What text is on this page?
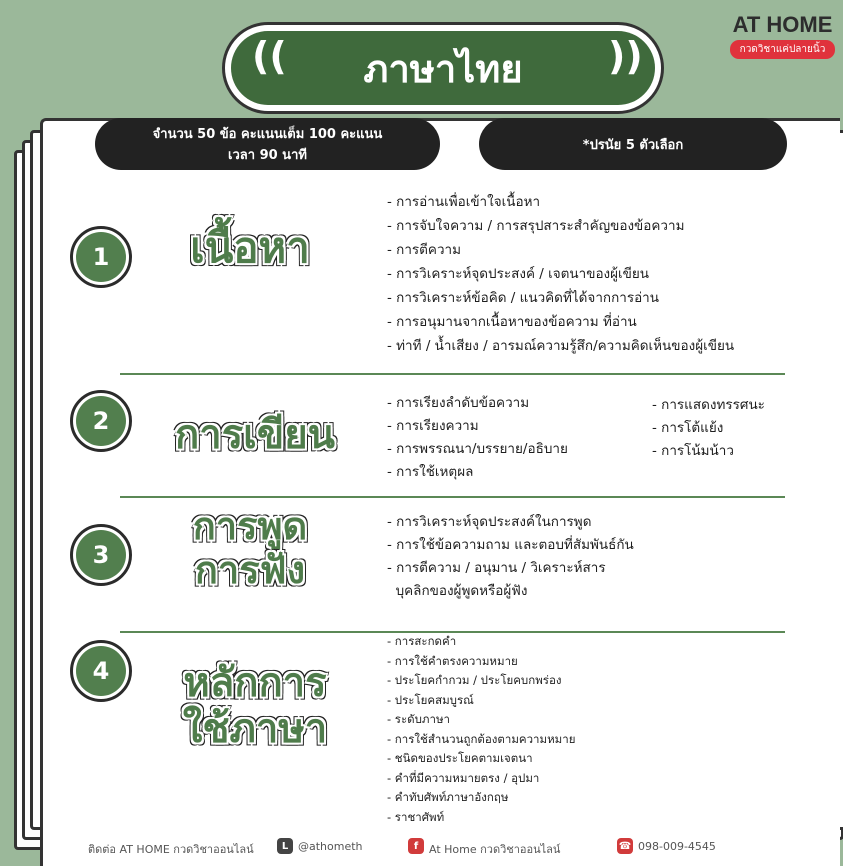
ภาษาไทย
((	))
AT HOME
กวดวิชาแค่ปลายนิ้ว
จำนวน 50 ข้อ คะแนนเต็ม 100 คะแนน
เวลา 90 นาที
*ปรนัย 5 ตัวเลือก
1	เนื้อหา
- การอ่านเพื่อเข้าใจเนื้อหา
- การจับใจความ / การสรุปสาระสำคัญของข้อความ
- การตีความ
- การวิเคราะห์จุดประสงค์ / เจตนาของผู้เขียน
- การวิเคราะห์ข้อคิด / แนวคิดที่ได้จากการอ่าน
- การอนุมานจากเนื้อหาของข้อความ ที่อ่าน
- ท่าที / น้ำเสียง / อารมณ์ความรู้สึก/ความคิดเห็นของผู้เขียน
2	การเขียน
- การเรียงลำดับข้อความ
- การเรียงความ
- การพรรณนา/บรรยาย/อธิบาย
- การใช้เหตุผล
- การแสดงทรรศนะ
- การโต้แย้ง
- การโน้มน้าว
3
การพูด
การฟัง
- การวิเคราะห์จุดประสงค์ในการพูด
- การใช้ข้อความถาม และตอบที่สัมพันธ์กัน
- การตีความ / อนุมาน / วิเคราะห์สาร
บุคลิกของผู้พูดหรือผู้ฟัง
4	หลักการ
ใช้ภาษา
- การสะกดคำ
- การใช้คำตรงความหมาย
- ประโยคกำกวม / ประโยคบกพร่อง
- ประโยคสมบูรณ์
- ระดับภาษา
- การใช้สำนวนถูกต้องตามความหมาย
- ชนิดของประโยคตามเจตนา
- คำที่มีความหมายตรง / อุปมา
- คำทับศัพท์ภาษาอังกฤษ
- ราชาศัพท์
ติดต่อ AT HOME กวดวิชาออนไลน์	L @athometh	f At Home กวดวิชาออนไลน์	☎ 098-009-4545
